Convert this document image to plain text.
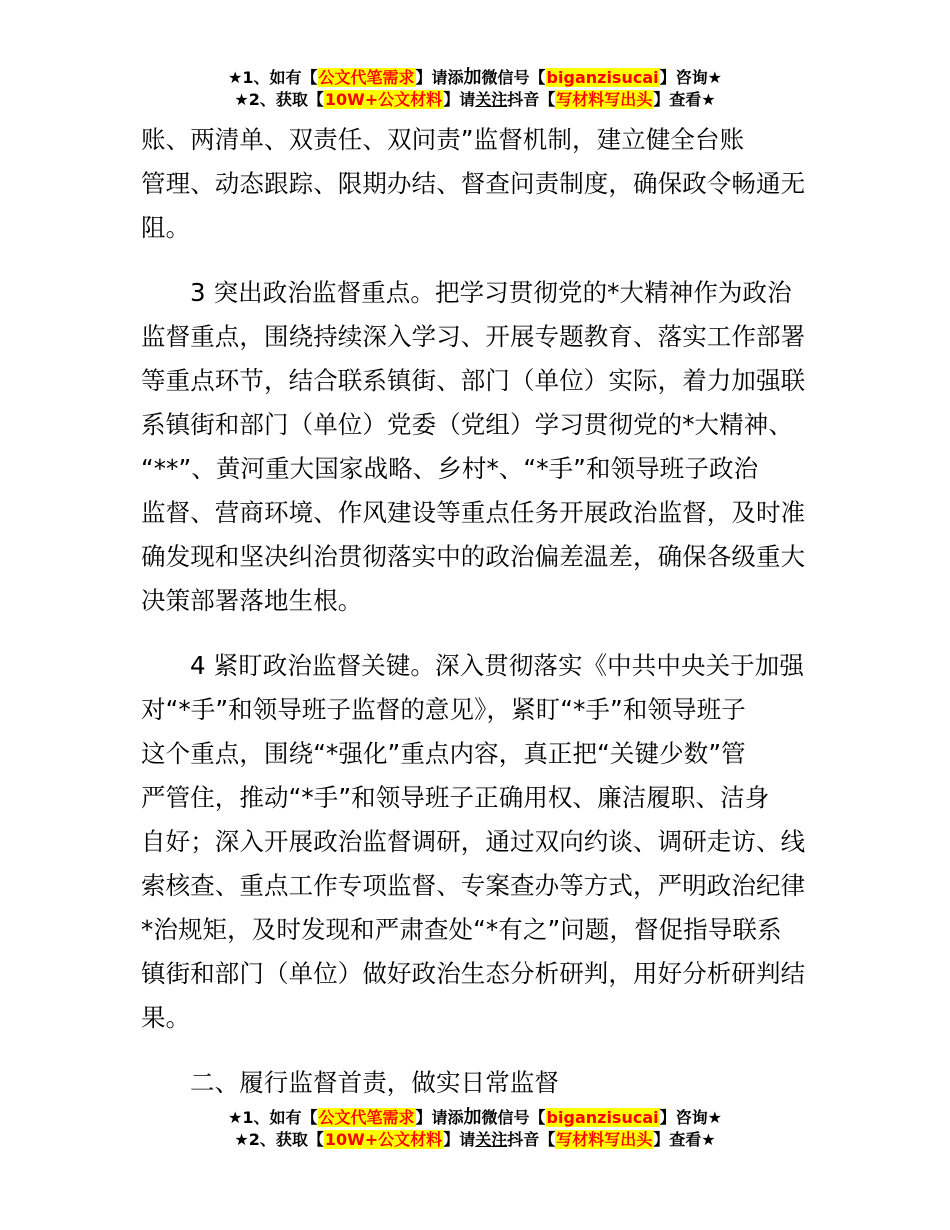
★1、如有【公文代笔需求】请添加微信号【biganzisucai】咨询★
★2、获取【10W+公文材料】请关注抖音【写材料写出头】查看★
账、两清单、双责任、双问责”监督机制，建立健全台账
管理、动态跟踪、限期办结、督查问责制度，确保政令畅通无
阻。
3 突出政治监督重点。把学习贯彻党的*大精神作为政治
监督重点，围绕持续深入学习、开展专题教育、落实工作部署
等重点环节，结合联系镇街、部门（单位）实际，着力加强联
系镇街和部门（单位）党委（党组）学习贯彻党的*大精神、
“**”、黄河重大国家战略、乡村*、“*手”和领导班子政治
监督、营商环境、作风建设等重点任务开展政治监督，及时准
确发现和坚决纠治贯彻落实中的政治偏差温差，确保各级重大
决策部署落地生根。
4 紧盯政治监督关键。深入贯彻落实《中共中央关于加强
对“*手”和领导班子监督的意见》，紧盯“*手”和领导班子
这个重点，围绕“*强化”重点内容，真正把“关键少数”管
严管住，推动“*手”和领导班子正确用权、廉洁履职、洁身
自好；深入开展政治监督调研，通过双向约谈、调研走访、线
索核查、重点工作专项监督、专案查办等方式，严明政治纪律
*治规矩，及时发现和严肃查处“*有之”问题，督促指导联系
镇街和部门（单位）做好政治生态分析研判，用好分析研判结
果。
二、履行监督首责，做实日常监督
★1、如有【公文代笔需求】请添加微信号【biganzisucai】咨询★
★2、获取【10W+公文材料】请关注抖音【写材料写出头】查看★
